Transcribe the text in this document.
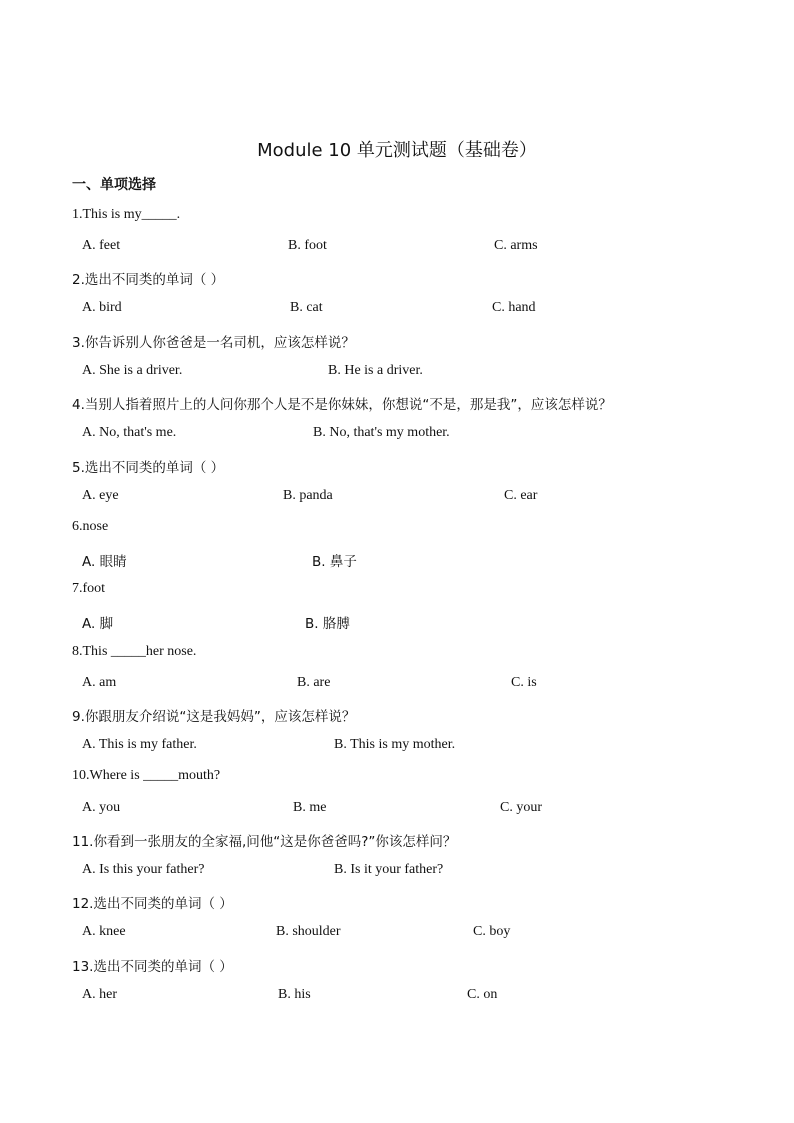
Module 10 单元测试题（基础卷）
一、单项选择
1.This is my_____.
A. feet	B. foot	C. arms
2.选出不同类的单词（ ）
A. bird	B. cat	C. hand
3.你告诉别人你爸爸是一名司机，应该怎样说？
A. She is a driver.	B. He is a driver.
4.当别人指着照片上的人问你那个人是不是你妹妹，你想说“不是，那是我”，应该怎样说？
A. No, that's me.	B. No, that's my mother.
5.选出不同类的单词（ ）
A. eye	B. panda	C. ear
6.nose
A. 眼睛	B. 鼻子
7.foot
A. 脚	B. 胳膊
8.This _____her nose.
A. am	B. are	C. is
9.你跟朋友介绍说“这是我妈妈”，应该怎样说？
A. This is my father.	B. This is my mother.
10.Where is _____mouth?
A. you	B. me	C. your
11.你看到一张朋友的全家福,问他“这是你爸爸吗?”你该怎样问？
A. Is this your father?	B. Is it your father?
12.选出不同类的单词（ ）
A. knee	B. shoulder	C. boy
13.选出不同类的单词（ ）
A. her	B. his	C. on
